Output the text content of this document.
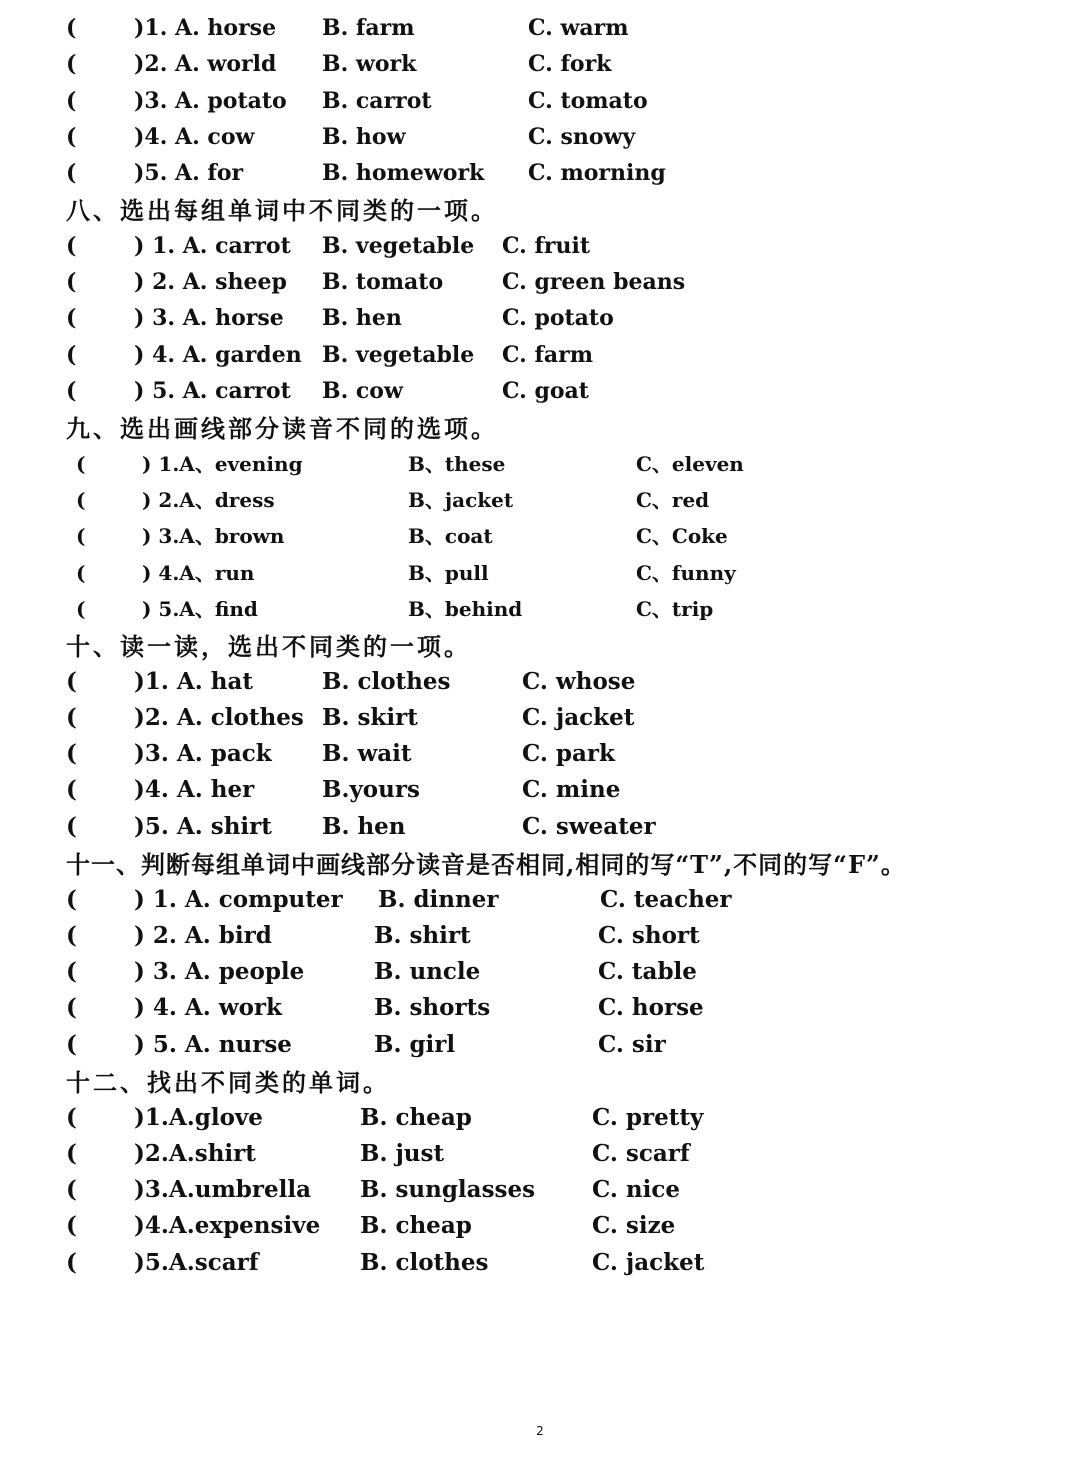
(	)1. A. horse B. farm	C. warm
(	)2. A. world B. work	C. fork
(	)3. A. potato B. carrot	C. tomato
(	)4. A. cow	B. how	C. snowy
(	)5. A. for	B. homework C. morning
八、选出每组单词中不同类的一项。
(	) 1. A. carrot B. vegetable C. fruit
(	) 2. A. sheep B. tomato	C. green beans
(	) 3. A. horse B. hen	C. potato
(	) 4. A. garden B. vegetable C. farm
(	) 5. A. carrot B. cow	C. goat
九、选出画线部分读音不同的选项。
(	) 1.A、evening	B、these	C、eleven
(	) 2.A、dress	B、jacket	C、red
(	) 3.A、brown	B、coat	C、Coke
(	) 4.A、run	B、pull	C、funny
(	) 5.A、find	B、behind	C、trip
十、读一读，选出不同类的一项。
( )1. A. hat	B. clothes	C. whose
( )2. A. clothes B. skirt	C. jacket
( )3. A. pack B. wait	C. park
( )4. A. her	B.yours	C. mine
( )5. A. shirt B. hen	C. sweater
十一、判断每组单词中画线部分读音是否相同,相同的写“T”,不同的写“F”。
( ) 1. A. computer B. dinner	C. teacher
( ) 2. A. bird	B. shirt	C. short
( ) 3. A. people	B. uncle	C. table
( ) 4. A. work	B. shorts	C. horse
( ) 5. A. nurse	B. girl	C. sir
十二、找出不同类的单词。
( )1.A.glove	B. cheap	C. pretty
( )2.A.shirt	B. just	C. scarf
( )3.A.umbrella B. sunglasses C. nice
( )4.A.expensive B. cheap	C. size
( )5.A.scarf	B. clothes	C. jacket
2
